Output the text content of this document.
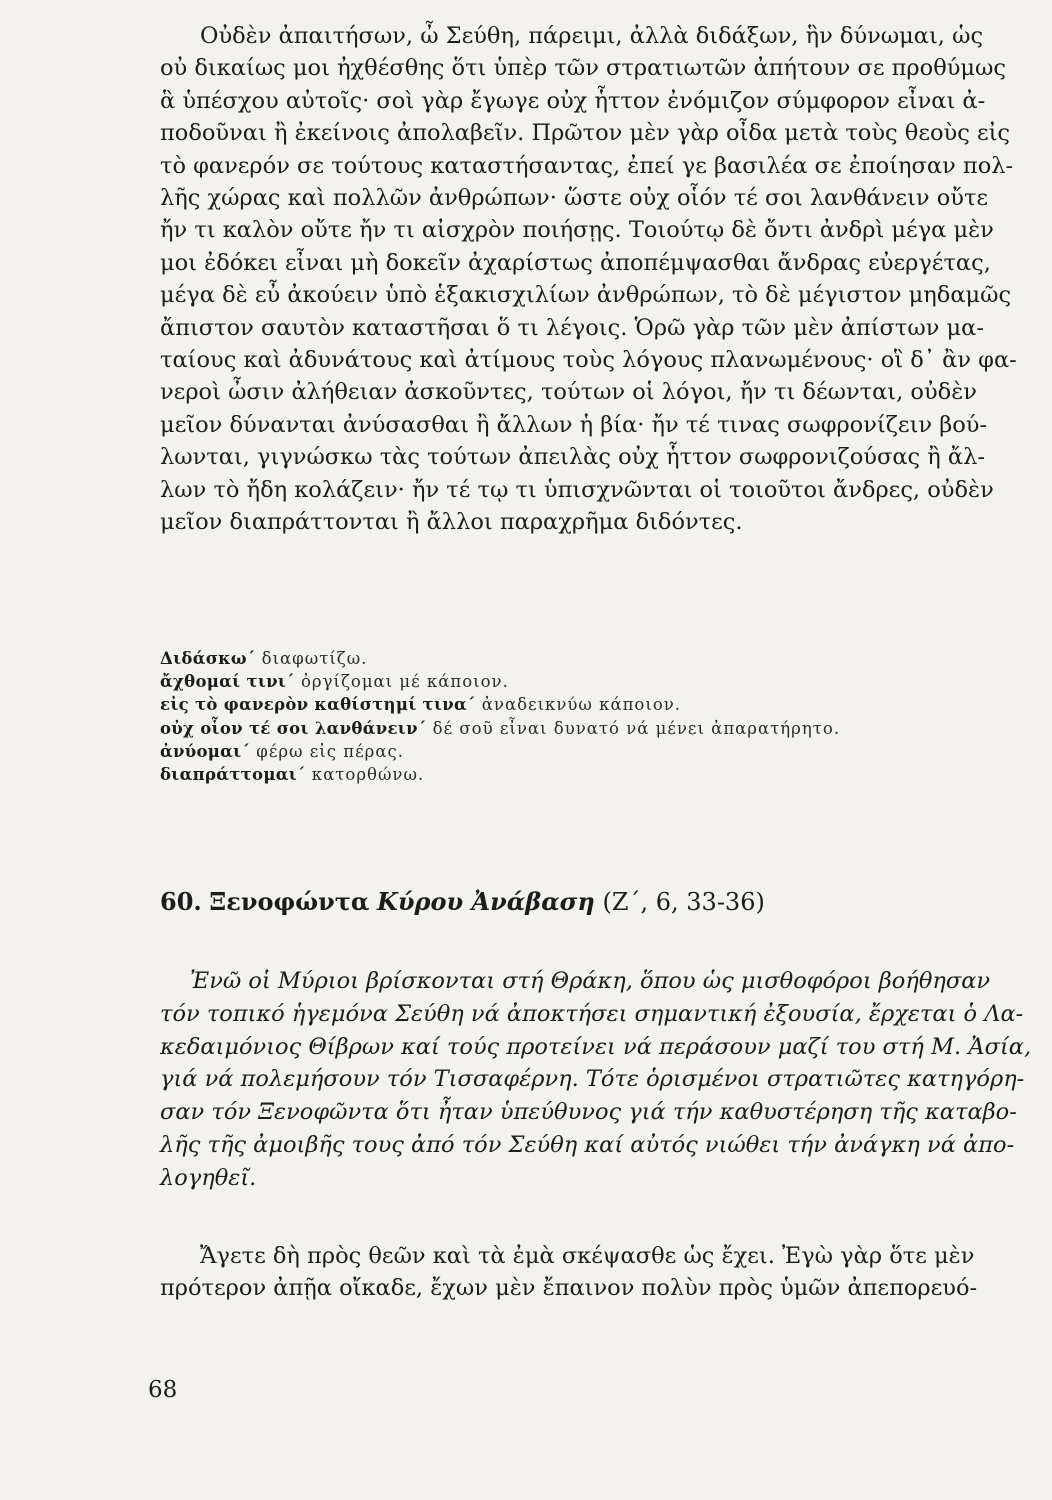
Οὐδὲν ἀπαιτήσων, ὦ Σεύθη, πάρειμι, ἀλλὰ διδάξων, ἣν δύνωμαι, ὡς
οὐ δικαίως μοι ἠχθέσθης ὅτι ὑπὲρ τῶν στρατιωτῶν ἀπήτουν σε προθύμως
ἃ ὑπέσχου αὐτοῖς· σοὶ γὰρ ἔγωγε οὐχ ἧττον ἐνόμιζον σύμφορον εἶναι ἀ-
ποδοῦναι ἢ ἐκείνοις ἀπολαβεῖν. Πρῶτον μὲν γὰρ οἶδα μετὰ τοὺς θεοὺς εἰς
τὸ φανερόν σε τούτους καταστήσαντας, ἐπεί γε βασιλέα σε ἐποίησαν πολ-
λῆς χώρας καὶ πολλῶν ἀνθρώπων· ὥστε οὐχ οἷόν τέ σοι λανθάνειν οὔτε
ἤν τι καλὸν οὔτε ἤν τι αἰσχρὸν ποιήσῃς. Τοιούτῳ δὲ ὄντι ἀνδρὶ μέγα μὲν
μοι ἐδόκει εἶναι μὴ δοκεῖν ἀχαρίστως ἀποπέμψασθαι ἄνδρας εὐεργέτας,
μέγα δὲ εὖ ἀκούειν ὑπὸ ἑξακισχιλίων ἀνθρώπων, τὸ δὲ μέγιστον μηδαμῶς
ἄπιστον σαυτὸν καταστῆσαι ὅ τι λέγοις. Ὁρῶ γὰρ τῶν μὲν ἀπίστων μα-
ταίους καὶ ἀδυνάτους καὶ ἀτίμους τοὺς λόγους πλανωμένους· οἳ δ᾽ ἂν φα-
νεροὶ ὦσιν ἀλήθειαν ἀσκοῦντες, τούτων οἱ λόγοι, ἤν τι δέωνται, οὐδὲν
μεῖον δύνανται ἀνύσασθαι ἢ ἄλλων ἡ βία· ἤν τέ τινας σωφρονίζειν βού-
λωνται, γιγνώσκω τὰς τούτων ἀπειλὰς οὐχ ἧττον σωφρονιζούσας ἢ ἄλ-
λων τὸ ἤδη κολάζειν· ἤν τέ τῳ τι ὑπισχνῶνται οἱ τοιοῦτοι ἄνδρες, οὐδὲν
μεῖον διαπράττονται ἢ ἄλλοι παραχρῆμα διδόντες.

Διδάσκω΄ διαφωτίζω.
ἄχθομαί τινι΄ ὀργίζομαι μέ κάποιον.
εἰς τὸ φανερὸν καθίστημί τινα΄ ἀναδεικνύω κάποιον.
οὐχ οἷον τέ σοι λανθάνειν΄ δέ σοῦ εἶναι δυνατό νά μένει ἀπαρατήρητο.
ἀνύομαι΄ φέρω εἰς πέρας.
διαπράττομαι΄ κατορθώνω.
60. Ξενοφώντα Κύρου Ἀνάβαση (Ζ΄, 6, 33-36)

Ἐνῶ οἱ Μύριοι βρίσκονται στή Θράκη, ὅπου ὡς μισθοφόροι βοήθησαν
τόν τοπικό ἡγεμόνα Σεύθη νά ἀποκτήσει σημαντική ἐξουσία, ἔρχεται ὁ Λα-
κεδαιμόνιος Θίβρων καί τούς προτείνει νά περάσουν μαζί του στή Μ. Ἀσία,
γιά νά πολεμήσουν τόν Τισσαφέρνη. Τότε ὁρισμένοι στρατιῶτες κατηγόρη-
σαν τόν Ξενοφῶντα ὅτι ἦταν ὑπεύθυνος γιά τήν καθυστέρηση τῆς καταβο-
λῆς τῆς ἀμοιβῆς τους ἀπό τόν Σεύθη καί αὐτός νιώθει τήν ἀνάγκη νά ἀπο-
λογηθεῖ.

Ἄγετε δὴ πρὸς θεῶν καὶ τὰ ἐμὰ σκέψασθε ὡς ἔχει. Ἐγὼ γὰρ ὅτε μὲν
πρότερον ἀπῇα οἴκαδε, ἔχων μὲν ἔπαινον πολὺν πρὸς ὑμῶν ἀπεπορευό-

68
